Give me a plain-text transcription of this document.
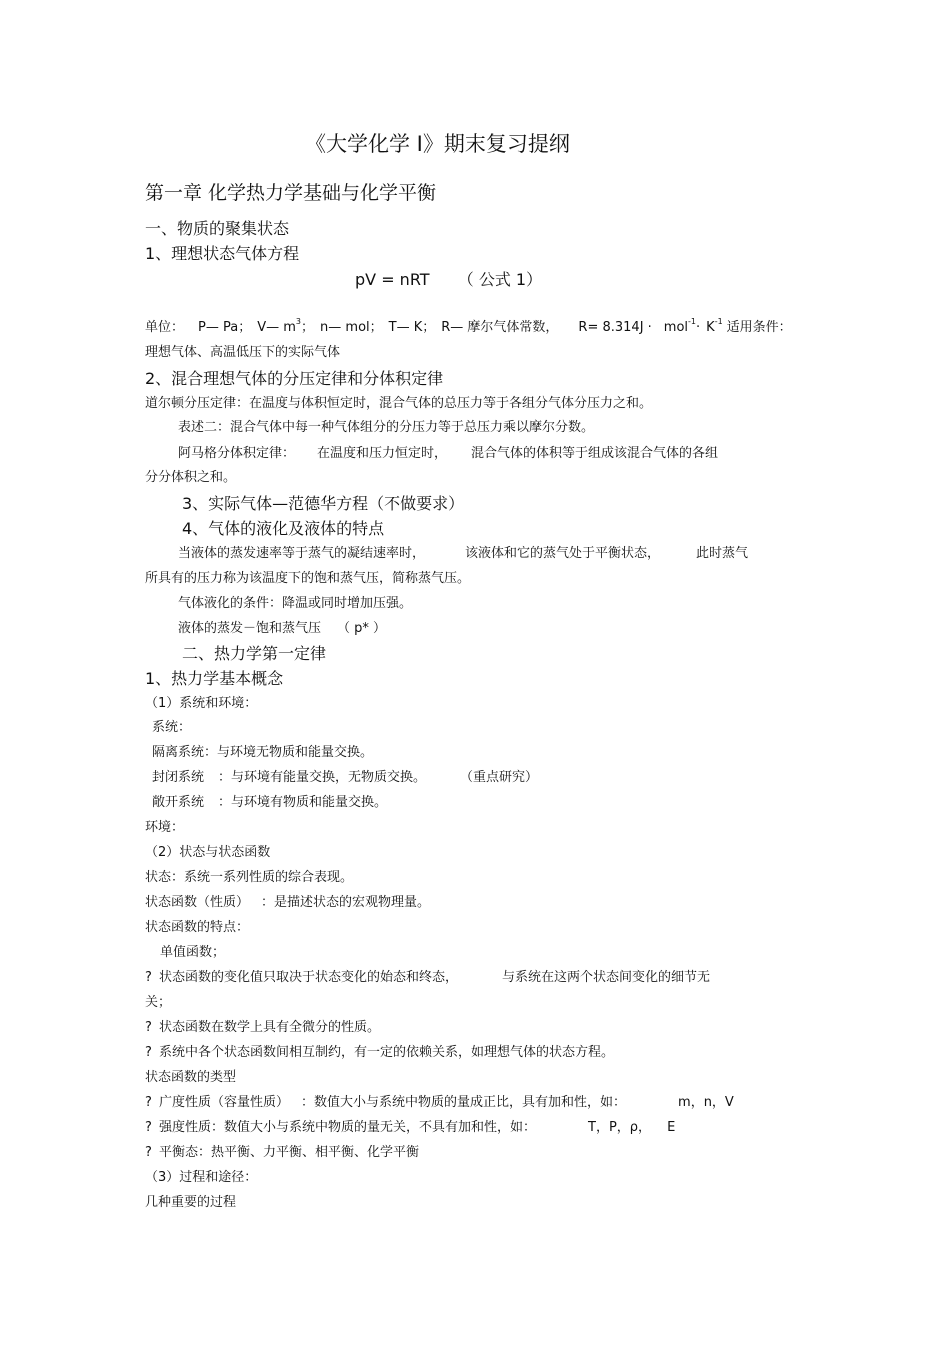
《大学化学 Ⅰ》期末复习提纲
第一章 化学热力学基础与化学平衡
一、物质的聚集状态
1、理想状态气体方程
pV = nRT （ 公式 1）
单位： P— Pa； V— $m^3$； n— mol； T— K； R— 摩尔气体常数， $R= 8.314J \cdot mol^{-1}\cdot K^{-1}$ 适用条件：
理想气体、高温低压下的实际气体
2、混合理想气体的分压定律和分体积定律
道尔顿分压定律：在温度与体积恒定时，混合气体的总压力等于各组分气体分压力之和。
表述二：混合气体中每一种气体组分的分压力等于总压力乘以摩尔分数。
阿马格分体积定律： 在温度和压力恒定时， 混合气体的体积等于组成该混合气体的各组
分分体积之和。
3、实际气体—范德华方程（不做要求）
4、气体的液化及液体的特点
当液体的蒸发速率等于蒸气的凝结速率时，	该液体和它的蒸气处于平衡状态，	此时蒸气
所具有的压力称为该温度下的饱和蒸气压，简称蒸气压。
气体液化的条件：降温或同时增加压强。
液体的蒸发－饱和蒸气压 （ p* ）
二、热力学第一定律
1、热力学基本概念
（1）系统和环境：
系统：
隔离系统：与环境无物质和能量交换。
封闭系统 ：与环境有能量交换，无物质交换。	（重点研究）
敞开系统 ：与环境有物质和能量交换。
环境：
（2）状态与状态函数
状态：系统一系列性质的综合表现。
状态函数（性质） ：是描述状态的宏观物理量。
状态函数的特点：
单值函数；
? 状态函数的变化值只取决于状态变化的始态和终态，	与系统在这两个状态间变化的细节无
关；
? 状态函数在数学上具有全微分的性质。
? 系统中各个状态函数间相互制约，有一定的依赖关系，如理想气体的状态方程。
状态函数的类型
? 广度性质（容量性质） ：数值大小与系统中物质的量成正比，具有加和性，如：	m，n，V
? 强度性质：数值大小与系统中物质的量无关，不具有加和性，如：	T，P，ρ， E
? 平衡态：热平衡、力平衡、相平衡、化学平衡
（3）过程和途径：
几种重要的过程
